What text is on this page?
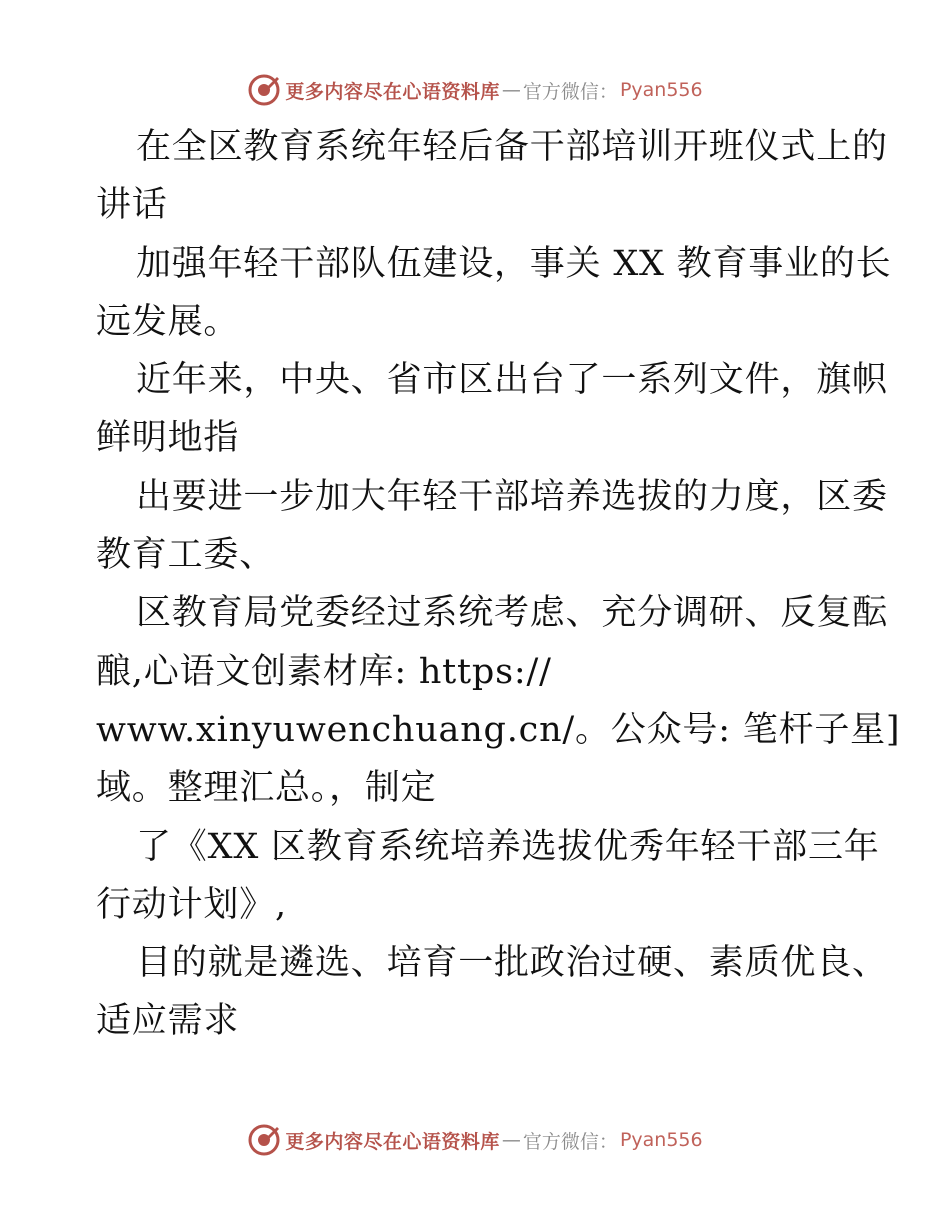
更多内容尽在心语资料库 — 官方微信： Pyan556
在全区教育系统年轻后备干部培训开班仪式上的
讲话
加强年轻干部队伍建设，事关 XX 教育事业的长
远发展。
近年来，中央、省市区出台了一系列文件，旗帜
鲜明地指
出要进一步加大年轻干部培养选拔的力度，区委
教育工委、
区教育局党委经过系统考虑、充分调研、反复酝
酿,心语文创素材库: https://
www.xinyuwenchuang.cn/。公众号: 笔杆子星]
域。整理汇总。，制定
了《XX 区教育系统培养选拔优秀年轻干部三年
行动计划》,
目的就是遴选、培育一批政治过硬、素质优良、
适应需求
更多内容尽在心语资料库 — 官方微信： Pyan556
